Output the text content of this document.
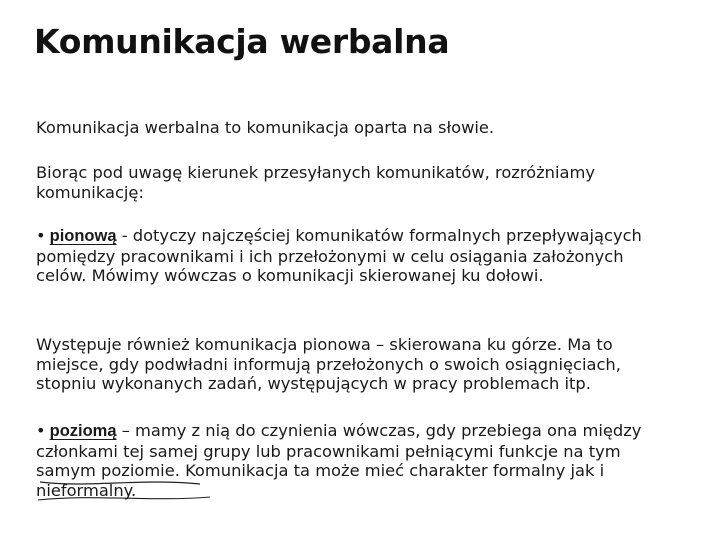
Komunikacja werbalna
Komunikacja werbalna to komunikacja oparta na słowie.
Biorąc pod uwagę kierunek przesyłanych komunikatów, rozróżniamy komunikację:
• pionową - dotyczy najczęściej komunikatów formalnych przepływających pomiędzy pracownikami i ich przełożonymi w celu osiągania założonych celów. Mówimy wówczas o komunikacji skierowanej ku dołowi.
Występuje również komunikacja pionowa – skierowana ku górze. Ma to miejsce, gdy podwładni informują przełożonych o swoich osiągnięciach, stopniu wykonanych zadań, występujących w pracy problemach itp.
• poziomą – mamy z nią do czynienia wówczas, gdy przebiega ona między członkami tej samej grupy lub pracownikami pełniącymi funkcje na tym samym poziomie. Komunikacja ta może mieć charakter formalny jak i nieformalny.
